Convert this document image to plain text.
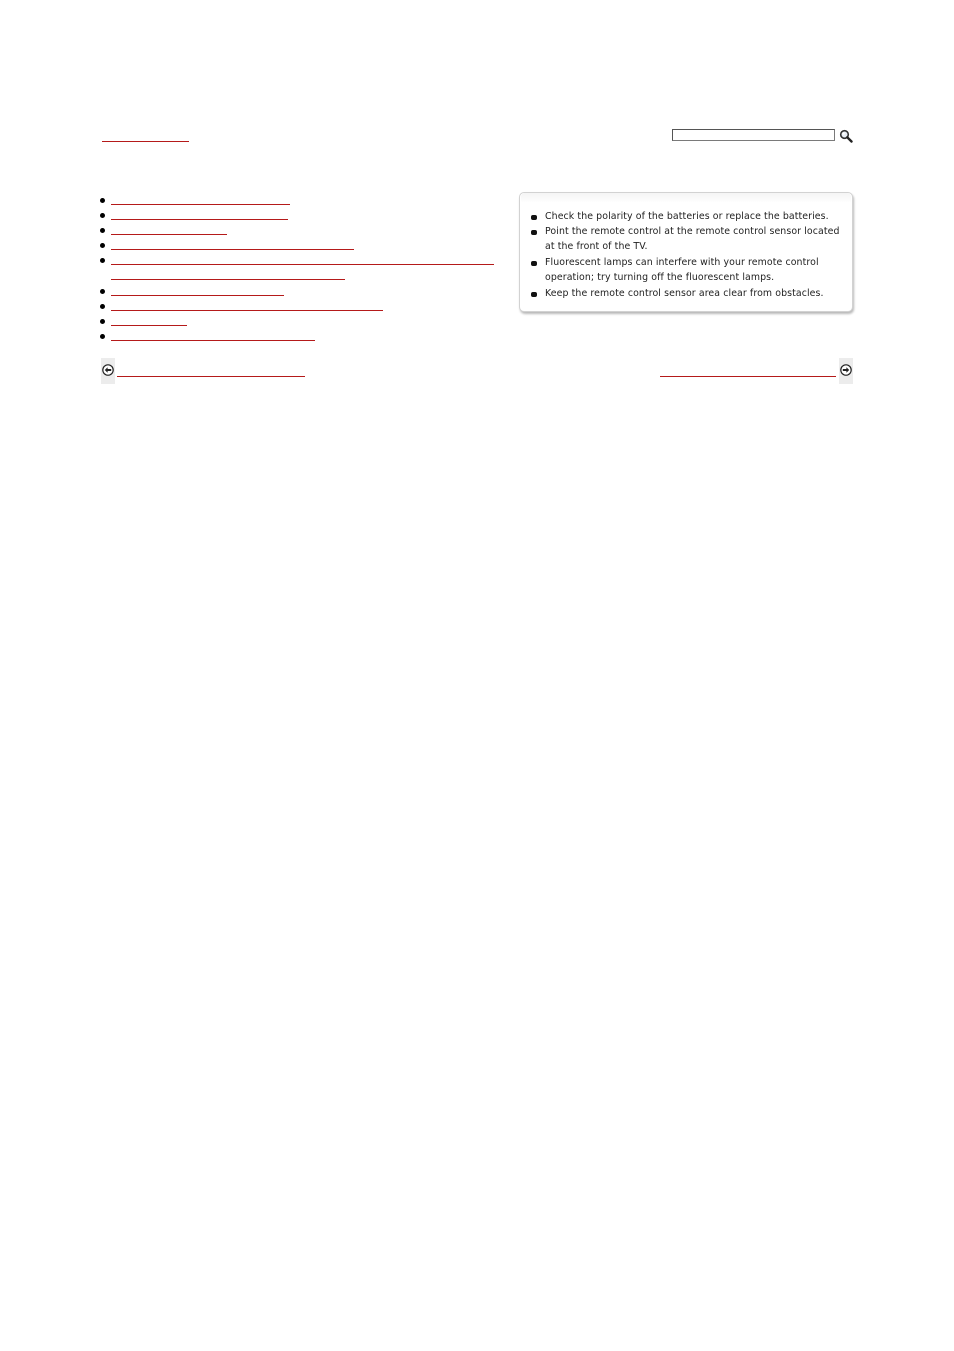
Check the polarity of the batteries or replace the batteries.
Point the remote control at the remote control sensor located
at the front of the TV.
Fluorescent lamps can interfere with your remote control
operation; try turning off the fluorescent lamps.
Keep the remote control sensor area clear from obstacles.
